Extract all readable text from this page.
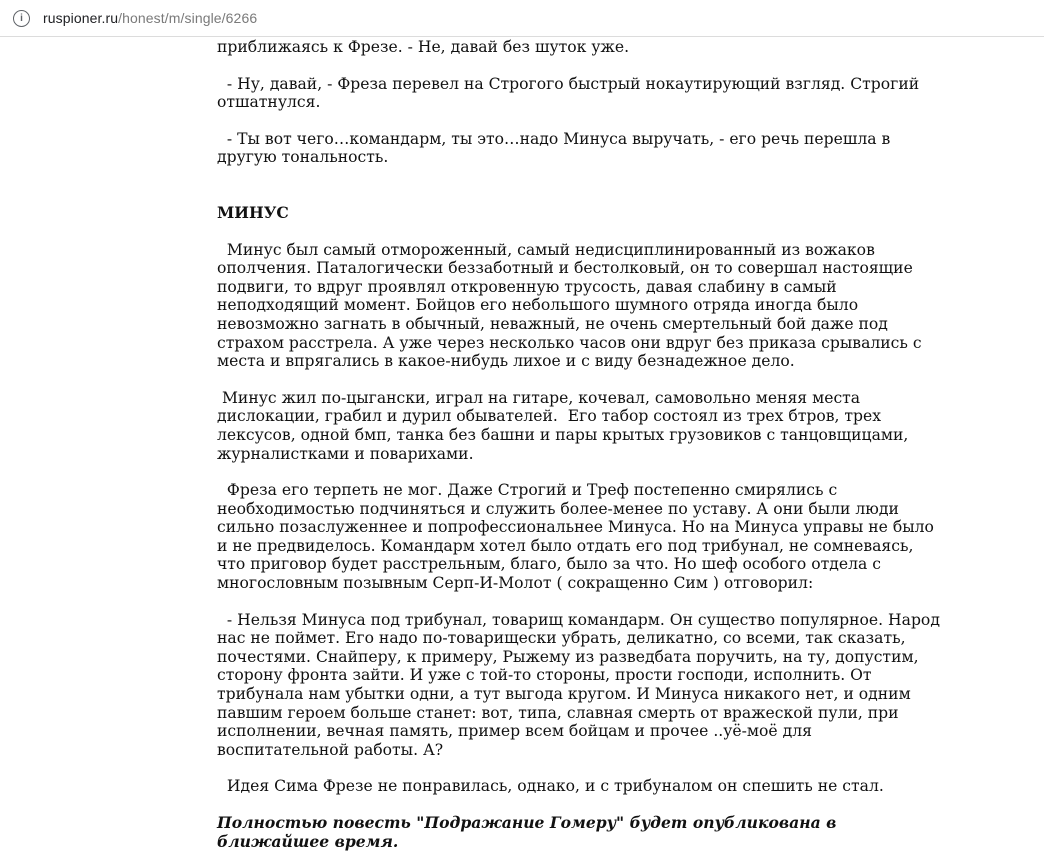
i	ruspioner.ru/honest/m/single/6266

приближаясь к Фрезе. - Не, давай без шуток уже.

- Ну, давай, - Фреза перевел на Строгого быстрый нокаутирующий взгляд. Строгий отшатнулся.

- Ты вот чего…командарм, ты это…надо Минуса выручать, - его речь перешла в другую тональность.

МИНУС

Минус был самый отмороженный, самый недисциплинированный из вожаков ополчения. Паталогически беззаботный и бестолковый, он то совершал настоящие подвиги, то вдруг проявлял откровенную трусость, давая слабину в самый неподходящий момент. Бойцов его небольшого шумного отряда иногда было невозможно загнать в обычный, неважный, не очень смертельный бой даже под страхом расстрела. А уже через несколько часов они вдруг без приказа срывались с места и впрягались в какое-нибудь лихое и с виду безнадежное дело.

Минус жил по-цыгански, играл на гитаре, кочевал, самовольно меняя места дислокации, грабил и дурил обывателей.  Его табор состоял из трех бтров, трех лексусов, одной бмп, танка без башни и пары крытых грузовиков с танцовщицами, журналистками и поварихами.

Фреза его терпеть не мог. Даже Строгий и Треф постепенно смирялись с необходимостью подчиняться и служить более-менее по уставу. А они были люди  сильно позаслуженнее и попрофессиональнее Минуса. Но на Минуса управы не было и не предвиделось. Командарм хотел было отдать его под трибунал, не сомневаясь, что приговор будет расстрельным, благо, было за что. Но шеф особого отдела с многословным позывным Серп-И-Молот ( сокращенно Сим ) отговорил:

- Нельзя Минуса под трибунал, товарищ командарм. Он существо популярное. Народ нас не поймет. Его надо по-товарищески убрать, деликатно, со всеми, так сказать, почестями. Снайперу, к примеру, Рыжему из разведбата поручить, на ту, допустим, сторону фронта зайти. И уже с той-то стороны, прости господи, исполнить. От трибунала нам убытки одни, а тут выгода кругом. И Минуса никакого нет, и одним павшим героем больше станет: вот, типа, славная смерть от вражеской пули, при исполнении, вечная память, пример всем бойцам и прочее ..уё-моё для воспитательной работы. А?

Идея Сима Фрезе не понравилась, однако, и с трибуналом он спешить не стал.

Полностью повесть "Подражание Гомеру" будет опубликована в ближайшее время.
